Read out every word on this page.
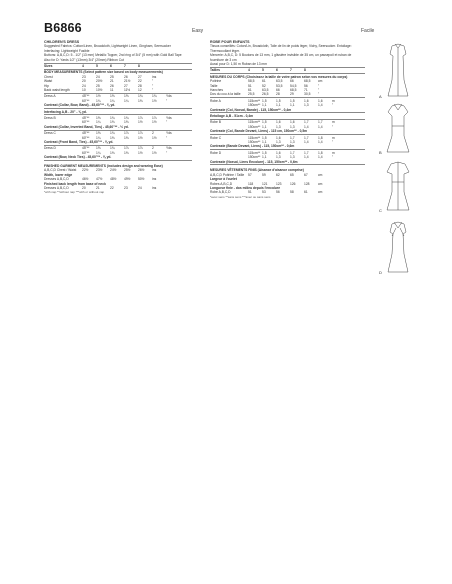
B6866	Easy	Facile
CHILDREN'S DRESS

Suggested Fabrics: Cotton/Linen, Broadcloth, Lightweight Linen, Gingham, Seersucker

Interfacing: Lightweight Fusible

Buttons: A,B,C,D: 5 - 1/2" (13 mm) Metallic Topper, 2nd ring of 3/4" (5 mm) with Gold Ball Tape

Also for D: Yards 1/2" (13mm) 3/4" (20mm) Ribbon Cut

Sizes	4	5	6	7	8
BODY MEASUREMENTS (Select pattern size based on body measurements)
Chest	23	24	25	26	27	ins
Waist	20	20½	21	21½	22	"
Hip	24	25	26	27	28	"
Back waist length	10	10½	11	11½	12	"
Dress A	45"**	1½	1⅝	1⅝	1¾	1¾	Yds
60"**	1¼	1¼	1¼	1⅜	1½	"
Contrast (Collar, Bow, Band) - 45,60"** - ⅜ yd.
Interfacing A,B - 20" - ⅜ yd.
Dress B	45"**	1⅝	1¾	1¾	1⅞	1⅞	Yds
60"**	1¼	1⅜	1⅜	1½	1½	"
Contrast (Collar, Inverted Band, Ties) - 45,60"** - ½ yd.
Dress C	45"**	1⅝	1¾	1⅞	1⅞	2	Yds
60"**	1¼	1⅜	1⅜	1½	1½	"
Contrast (Front Band, Ties) - 45,60"** - ⅝ yd.
Dress D	45"**	1⅝	1¾	1⅞	1⅞	2	Yds
60"**	1¼	1⅜	1⅜	1½	1½	"
Contrast (Bow, Neck Ties) - 45,60"** - ⅝ yd.
FINISHED GARMENT MEASUREMENTS (includes design and wearing Ease)
A,B,C,D Chest / Waist	22½	23½	24½	25½	26½	ins
Width, lower edge
Dresses A,B,C,D	46½	47½	48½	49½	50½	ins
Finished back length from base of neck
Dresses A,B,C,D	20	21	22	23	24	ins
*with nap **without nap ***with or without nap
ROBE POUR ENFANTS

Tissus conseillés: Coton/Lin, Broadcloth, Toile de lin de poids léger, Vichy, Seersucker. Entoilage: Thermocollant léger.

Mercerie: A,B,C, D: 5 Boutons de 13 mm, 1 glissière invisible de 35 cm, un passepoil et ruban de fourniture de 3 cm

Aussi pour D: 1,50 m Ruban de 13 mm

Tailles	4	5	6	7	8
MESURES DU CORPS (Choisissez la taille de votre patron selon vos mesures du corps)
Poitrine	58,5	61	63,5	66	68,5	cm
Taille	51	52	53,5	54,5	56	"
Hanches	61	63,5	66	68,5	71	"
Dos du cou à la taille	25,5	26,5	28	29	30,5	"
Robe A	115cm** 1,5	1,5	1,5	1,6	1,6	m
150cm** 1,1	1,1	1,1	1,3	1,4	"
Contraste (Col, Noeud, Bande) - 115, 150cm** - 0,4m
Entoilage A,B - 51cm - 0,4m
Robe B	115cm** 1,5	1,6	1,6	1,7	1,7	m
150cm** 1,1	1,3	1,3	1,4	1,4	"
Contraste (Col, Bande Devant, Liens) - 115 cm, 150cm** - 0,5m
Robe C	115cm** 1,5	1,6	1,7	1,7	1,8	m
150cm** 1,1	1,3	1,3	1,4	1,4	"
Contraste (Bande Devant, Liens) - 115, 150cm** - 0,6m
Robe D	115cm** 1,5	1,6	1,7	1,7	1,8	m
150cm** 1,1	1,3	1,3	1,4	1,4	"
Contraste (Noeud, Liens Encolure) - 115, 150cm** - 0,6m
MESURES VÊTEMENTS FINIS (Aisance d'aisance comprise)
A,B,C,D Poitrine / Taille	57	59	62	65	67	cm
Largeur à l'ourlet
Robes A,B,C,D	118	121	123	126	128	cm
Longueur finie - dos milieu depuis l'encolure
Robe A,B,C,D	51	53	56	58	61	cm
*avec sens **sans sens ***avec ou sans sens
A
B
C
D
